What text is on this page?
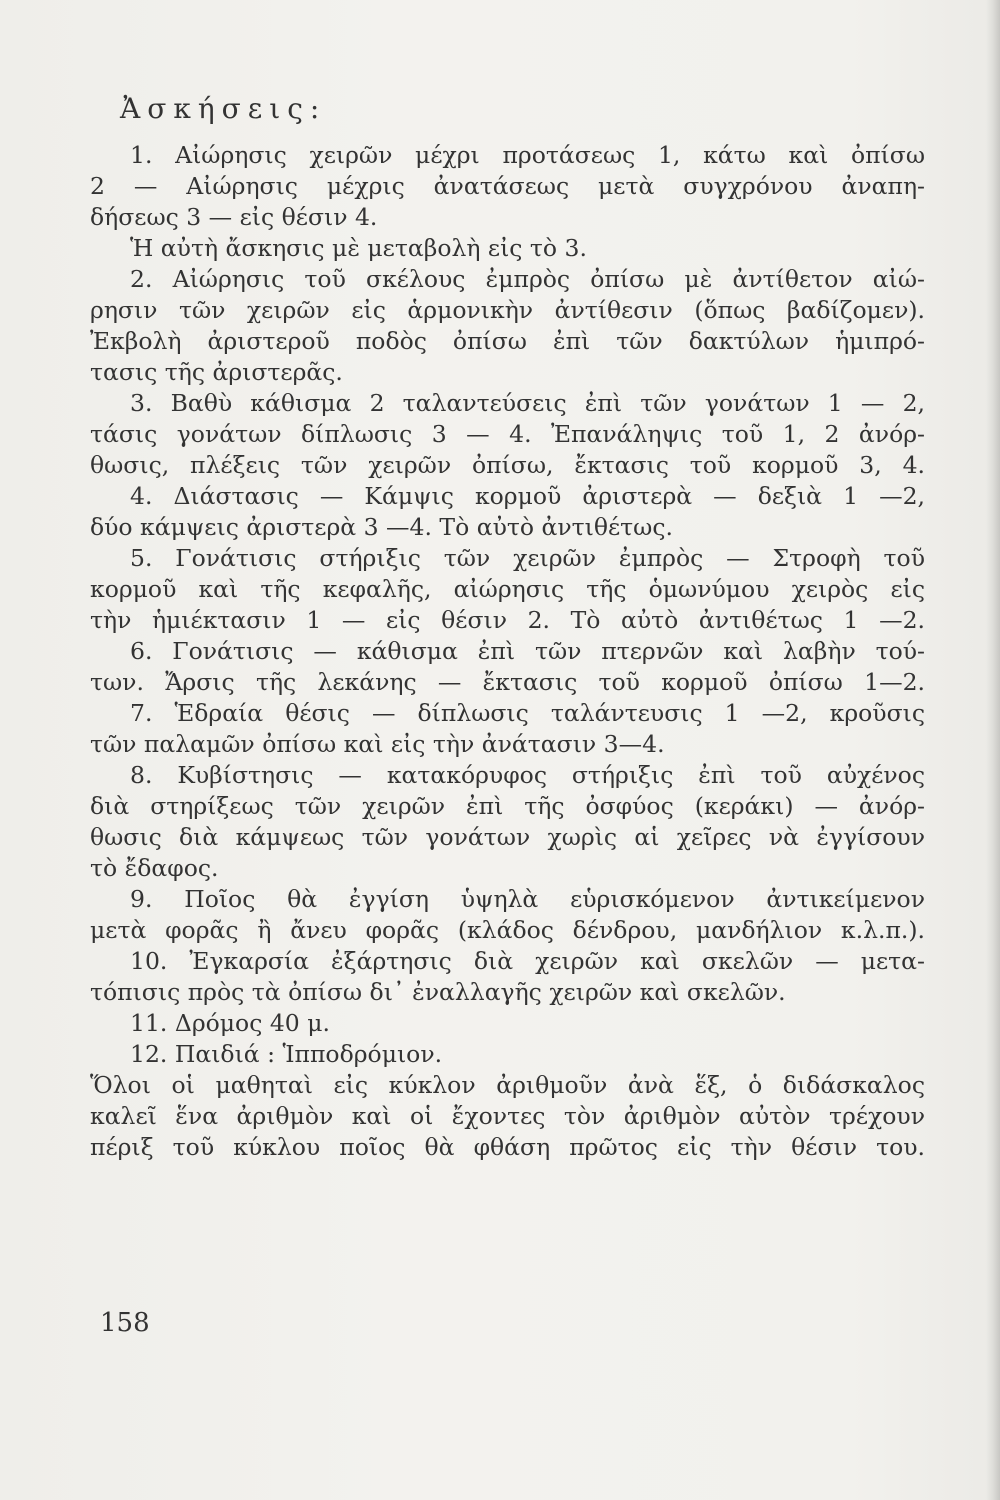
Ἀσκήσεις:
1. Αἰώρησις χειρῶν μέχρι προτάσεως 1, κάτω καὶ ὀπίσω
2 — Αἰώρησις μέχρις ἀνατάσεως μετὰ συγχρόνου ἀναπη-
δήσεως 3 — εἰς θέσιν 4.
Ἡ αὐτὴ ἄσκησις μὲ μεταβολὴ εἰς τὸ 3.
2. Αἰώρησις τοῦ σκέλους ἐμπρὸς ὀπίσω μὲ ἀντίθετον αἰώ-
ρησιν τῶν χειρῶν εἰς ἁρμονικὴν ἀντίθεσιν (ὅπως βαδίζομεν).
Ἐκβολὴ ἀριστεροῦ ποδὸς ὀπίσω ἐπὶ τῶν δακτύλων ἡμιπρό-
τασις τῆς ἀριστερᾶς.
3. Βαθὺ κάθισμα 2 ταλαντεύσεις ἐπὶ τῶν γονάτων 1 — 2,
τάσις γονάτων δίπλωσις 3 — 4. Ἐπανάληψις τοῦ 1, 2 ἀνόρ-
θωσις, πλέξεις τῶν χειρῶν ὀπίσω, ἔκτασις τοῦ κορμοῦ 3, 4.
4. Διάστασις — Κάμψις κορμοῦ ἀριστερὰ — δεξιὰ 1 —2,
δύο κάμψεις ἀριστερὰ 3 —4. Τὸ αὐτὸ ἀντιθέτως.
5. Γονάτισις στήριξις τῶν χειρῶν ἐμπρὸς — Στροφὴ τοῦ
κορμοῦ καὶ τῆς κεφαλῆς, αἰώρησις τῆς ὁμωνύμου χειρὸς εἰς
τὴν ἡμιέκτασιν 1 — εἰς θέσιν 2. Τὸ αὐτὸ ἀντιθέτως 1 —2.
6. Γονάτισις — κάθισμα ἐπὶ τῶν πτερνῶν καὶ λαβὴν τού-
των. Ἄρσις τῆς λεκάνης — ἔκτασις τοῦ κορμοῦ ὀπίσω 1—2.
7. Ἑδραία θέσις — δίπλωσις ταλάντευσις 1 —2, κροῦσις
τῶν παλαμῶν ὀπίσω καὶ εἰς τὴν ἀνάτασιν 3—4.
8. Κυβίστησις — κατακόρυφος στήριξις ἐπὶ τοῦ αὐχένος
διὰ στηρίξεως τῶν χειρῶν ἐπὶ τῆς ὀσφύος (κεράκι) — ἀνόρ-
θωσις διὰ κάμψεως τῶν γονάτων χωρὶς αἱ χεῖρες νὰ ἐγγίσουν
τὸ ἔδαφος.
9. Ποῖος θὰ ἐγγίση ὑψηλὰ εὑρισκόμενον ἀντικείμενον
μετὰ φορᾶς ἢ ἄνευ φορᾶς (κλάδος δένδρου, μανδήλιον κ.λ.π.).
10. Ἐγκαρσία ἐξάρτησις διὰ χειρῶν καὶ σκελῶν — μετα-
τόπισις πρὸς τὰ ὀπίσω δι᾽ ἐναλλαγῆς χειρῶν καὶ σκελῶν.
11. Δρόμος 40 μ.
12. Παιδιά : Ἱπποδρόμιον.
Ὅλοι οἱ μαθηταὶ εἰς κύκλον ἀριθμοῦν ἀνὰ ἕξ, ὁ διδάσκαλος
καλεῖ ἕνα ἀριθμὸν καὶ οἱ ἔχοντες τὸν ἀριθμὸν αὐτὸν τρέχουν
πέριξ τοῦ κύκλου ποῖος θὰ φθάση πρῶτος εἰς τὴν θέσιν του.
158
